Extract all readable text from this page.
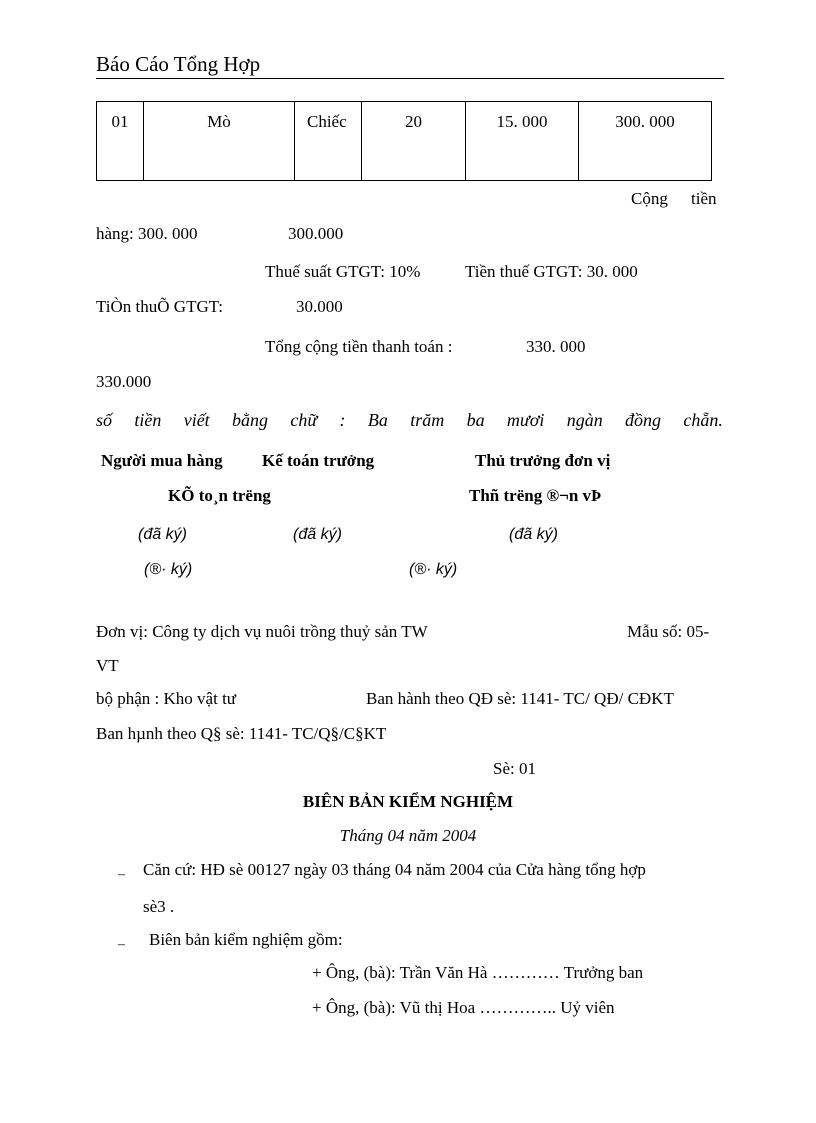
Báo Cáo Tổng Hợp
01	Mò	Chiếc	20	15. 000	300. 000
Cộng tiền
hàng: 300. 000	300.000
Thuế suất GTGT: 10%	Tiền thuế GTGT: 30. 000
TiÒn thuÕ GTGT:	30.000
Tổng cộng tiền thanh toán :	330. 000
330.000
số tiền viết bằng chữ : Ba trăm ba mươi ngàn đồng chẵn.
Người mua hàng Kế toán trưởng	Thủ trưởng đơn vị
KÕ to¸n trëng	Thñ trëng ®¬n vÞ
(đã ký)	(đã ký)	(đã ký)
(®· ký)	(®· ký)
Đơn vị: Công ty dịch vụ nuôi trồng thuỷ sản TW	Mẫu số: 05-
VT
bộ phận : Kho vật tư	Ban hành theo QĐ sè: 1141- TC/ QĐ/ CĐKT
Ban hµnh theo Q§ sè: 1141- TC/Q§/C§KT
Sè: 01
BIÊN BẢN KIỂM NGHIỆM
Tháng 04 năm 2004
– Căn cứ: HĐ sè 00127 ngày 03 tháng 04 năm 2004 của Cửa hàng tổng hợp
sè3 .
– Biên bản kiểm nghiệm gồm:
+ Ông, (bà): Trần Văn Hà ………… Trưởng ban
+ Ông, (bà): Vũ thị Hoa ………….. Uỷ viên
